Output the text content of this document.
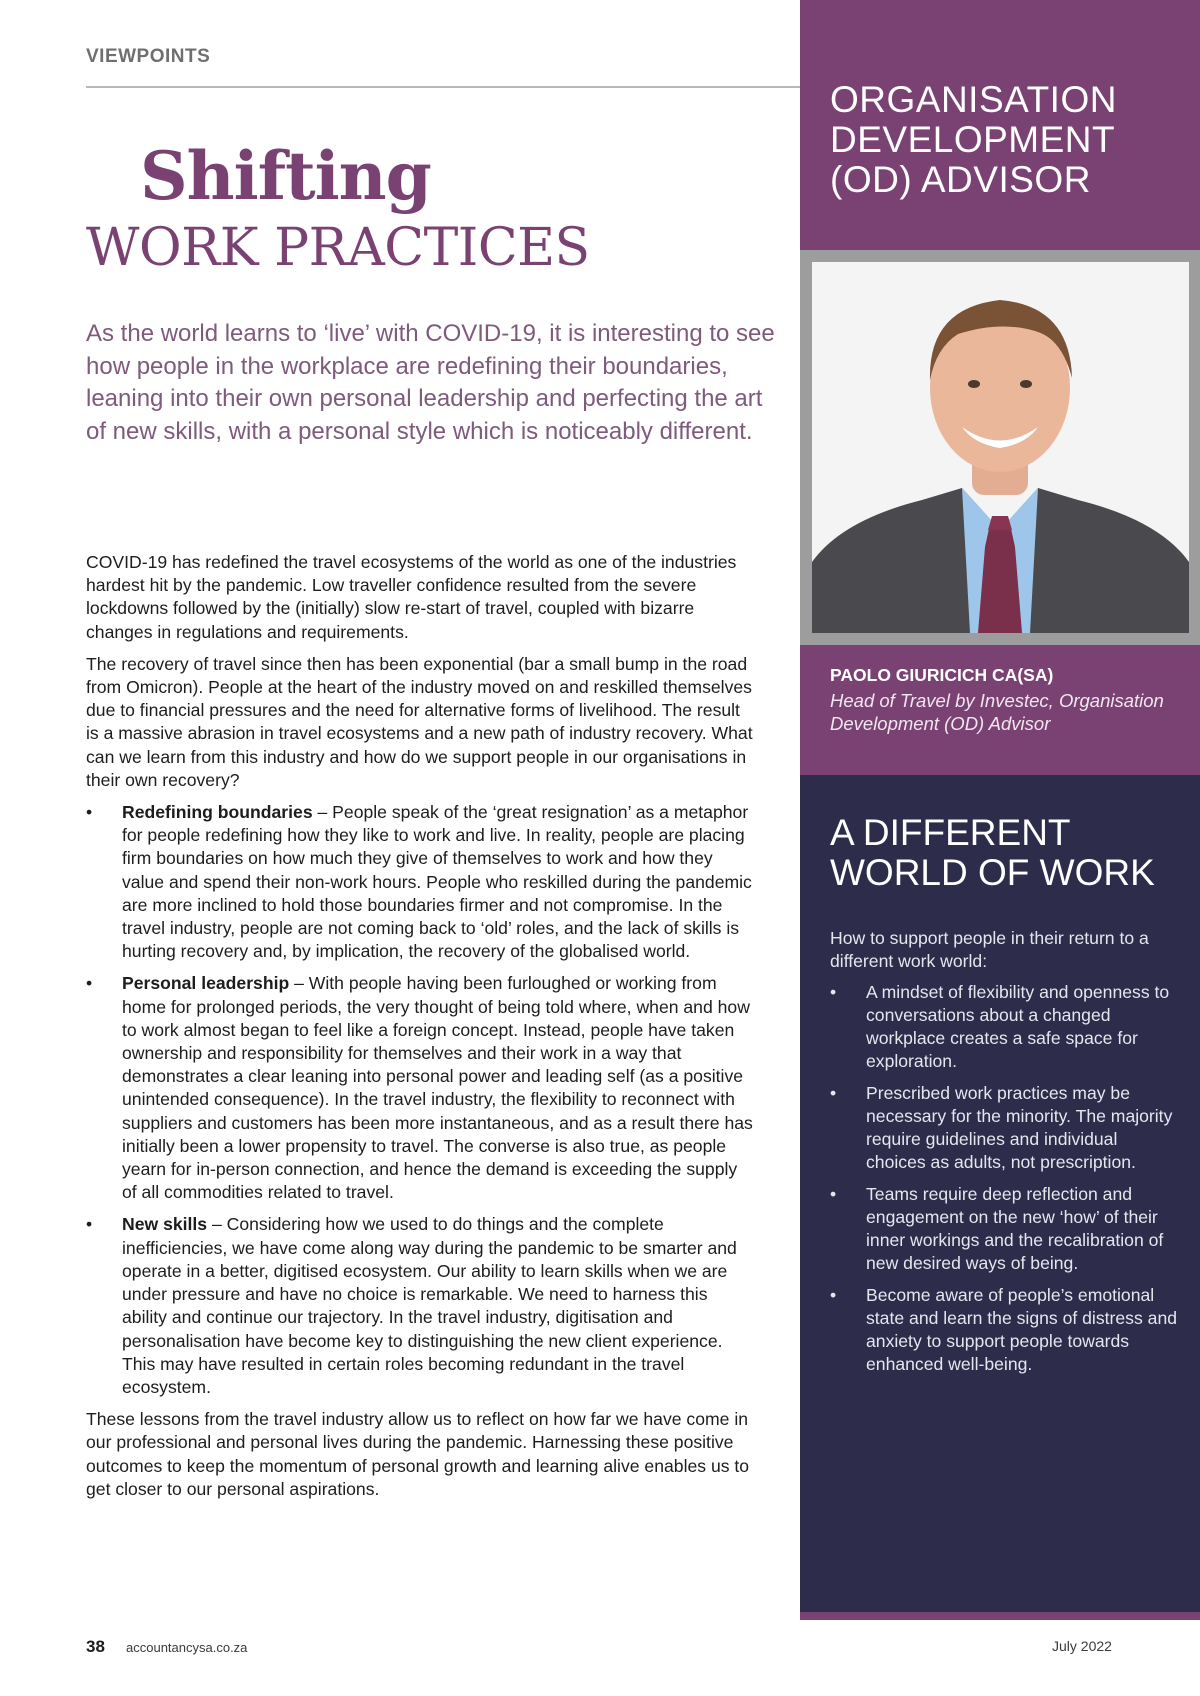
VIEWPOINTS

Shifting
WORK PRACTICES

As the world learns to ‘live’ with COVID-19, it is interesting to see how people in the workplace are redefining their boundaries, leaning into their own personal leadership and perfecting the art of new skills, with a personal style which is noticeably different.

COVID-19 has redefined the travel ecosystems of the world as one of the industries hardest hit by the pandemic. Low traveller confidence resulted from the severe lockdowns followed by the (initially) slow re-start of travel, coupled with bizarre changes in regulations and requirements.

The recovery of travel since then has been exponential (bar a small bump in the road from Omicron). People at the heart of the industry moved on and reskilled themselves due to financial pressures and the need for alternative forms of livelihood. The result is a massive abrasion in travel ecosystems and a new path of industry recovery. What can we learn from this industry and how do we support people in our organisations in their own recovery?

• Redefining boundaries – People speak of the ‘great resignation’ as a metaphor for people redefining how they like to work and live. In reality, people are placing firm boundaries on how much they give of themselves to work and how they value and spend their non-work hours. People who reskilled during the pandemic are more inclined to hold those boundaries firmer and not compromise. In the travel industry, people are not coming back to ‘old’ roles, and the lack of skills is hurting recovery and, by implication, the recovery of the globalised world.
• Personal leadership – With people having been furloughed or working from home for prolonged periods, the very thought of being told where, when and how to work almost began to feel like a foreign concept. Instead, people have taken ownership and responsibility for themselves and their work in a way that demonstrates a clear leaning into personal power and leading self (as a positive unintended consequence). In the travel industry, the flexibility to reconnect with suppliers and customers has been more instantaneous, and as a result there has initially been a lower propensity to travel. The converse is also true, as people yearn for in-person connection, and hence the demand is exceeding the supply of all commodities related to travel.
• New skills – Considering how we used to do things and the complete inefficiencies, we have come along way during the pandemic to be smarter and operate in a better, digitised ecosystem. Our ability to learn skills when we are under pressure and have no choice is remarkable. We need to harness this ability and continue our trajectory. In the travel industry, digitisation and personalisation have become key to distinguishing the new client experience. This may have resulted in certain roles becoming redundant in the travel ecosystem.

These lessons from the travel industry allow us to reflect on how far we have come in our professional and personal lives during the pandemic. Harnessing these positive outcomes to keep the momentum of personal growth and learning alive enables us to get closer to our personal aspirations.

ORGANISATION DEVELOPMENT (OD) ADVISOR

PAOLO GIURICICH CA(SA)

Head of Travel by Investec, Organisation Development (OD) Advisor

A DIFFERENT WORLD OF WORK

How to support people in their return to a different work world:

• A mindset of flexibility and openness to conversations about a changed workplace creates a safe space for exploration.
• Prescribed work practices may be necessary for the minority. The majority require guidelines and individual choices as adults, not prescription.
• Teams require deep reflection and engagement on the new ‘how’ of their inner workings and the recalibration of new desired ways of being.
• Become aware of people’s emotional state and learn the signs of distress and anxiety to support people towards enhanced well-being.

38 accountancysa.co.za	July 2022
